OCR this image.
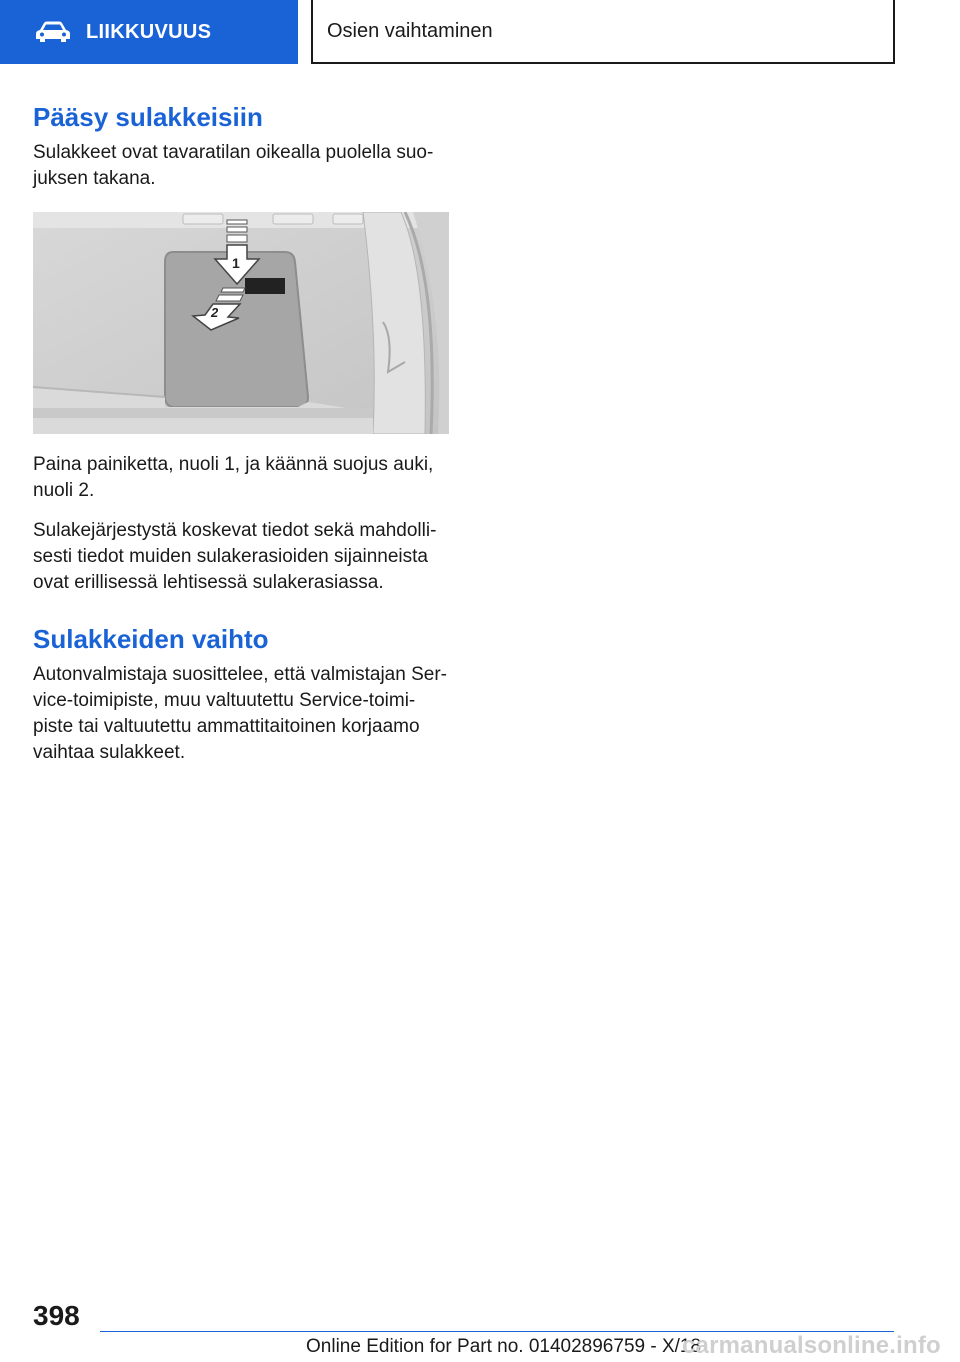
LIIKKUVUUS	Osien vaihtaminen
Pääsy sulakkeisiin

Sulakkeet ovat tavaratilan oikealla puolella suo-juksen takana.

1
2

Paina painiketta, nuoli 1, ja käännä suojus auki, nuoli 2.

Sulakejärjestystä koskevat tiedot sekä mahdolli-sesti tiedot muiden sulakerasioiden sijainneista ovat erillisessä lehtisessä sulakerasiassa.

Sulakkeiden vaihto

Autonvalmistaja suosittelee, että valmistajan Ser-vice-toimipiste, muu valtuutettu Service-toimi-piste tai valtuutettu ammattitaitoinen korjaamo vaihtaa sulakkeet.

398
Online Edition for Part no. 01402896759 - X/18
carmanualsonline.info
